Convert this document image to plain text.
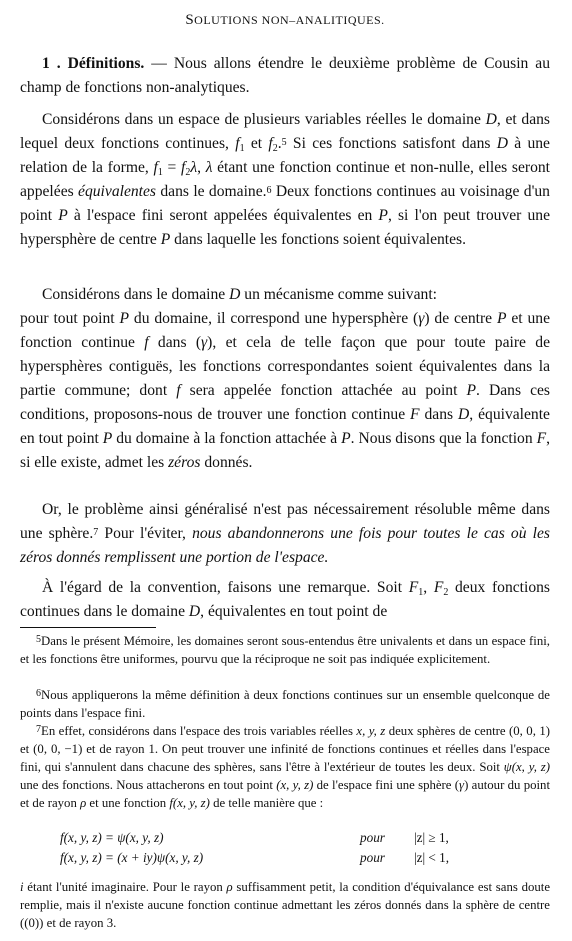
SOLUTIONS NON–ANALITIQUES.
1 . Définitions. — Nous allons étendre le deuxième problème de Cousin au champ de fonctions non-analytiques.
Considérons dans un espace de plusieurs variables réelles le domaine D, et dans lequel deux fonctions continues, $f_1$ et $f_2.^5$ Si ces fonctions satisfont dans D à une relation de la forme, $f_1 = f_2\lambda$, λ étant une fonction continue et non-nulle, elles seront appelées équivalentes dans le domaine.$^6$ Deux fonctions continues au voisinage d'un point P à l'espace fini seront appelées équivalentes en P, si l'on peut trouver une hypersphère de centre P dans laquelle les fonctions soient équivalentes.
Considérons dans le domaine D un mécanisme comme suivant:
pour tout point P du domaine, il correspond une hypersphère (γ) de centre P et une fonction continue f dans (γ), et cela de telle façon que pour toute paire de hypersphères contiguës, les fonctions correspondantes soient équivalentes dans la partie commune; dont f sera appelée fonction attachée au point P. Dans ces conditions, proposons-nous de trouver une fonction continue F dans D, équivalente en tout point P du domaine à la fonction attachée à P. Nous disons que la fonction F, si elle existe, admet les zéros donnés.
Or, le problème ainsi généralisé n'est pas nécessairement résoluble même dans une sphère.$^7$ Pour l'éviter, nous abandonnerons une fois pour toutes le cas où les zéros donnés remplissent une portion de l'espace.
À l'égard de la convention, faisons une remarque. Soit $F_1$, $F_2$ deux fonctions continues dans le domaine D, équivalentes en tout point de
$^5$Dans le présent Mémoire, les domaines seront sous-entendus être univalents et dans un espace fini, et les fonctions être uniformes, pourvu que la réciproque ne soit pas indiquée explicitement.
$^6$Nous appliquerons la même définition à deux fonctions continues sur un ensemble quelconque de points dans l'espace fini.
$^7$En effet, considérons dans l'espace des trois variables réelles x, y, z deux sphères de centre (0, 0, 1) et (0, 0, −1) et de rayon 1. On peut trouver une infinité de fonctions continues et réelles dans l'espace fini, qui s'annulent dans chacune des sphères, sans l'être à l'extérieur de toutes les deux. Soit ψ(x, y, z) une des fonctions. Nous attacherons en tout point (x, y, z) de l'espace fini une sphère (γ) autour du point et de rayon ρ et une fonction f(x, y, z) de telle manière que :
f(x, y, z) = ψ(x, y, z)	pour |z| ≥ 1,
f(x, y, z) = (x + iy)ψ(x, y, z)	pour |z| < 1,
i étant l'unité imaginaire. Pour le rayon ρ suffisamment petit, la condition d'équivalance est sans doute remplie, mais il n'existe aucune fonction continue admettant les zéros donnés dans la sphère de centre ((0)) et de rayon 3.
